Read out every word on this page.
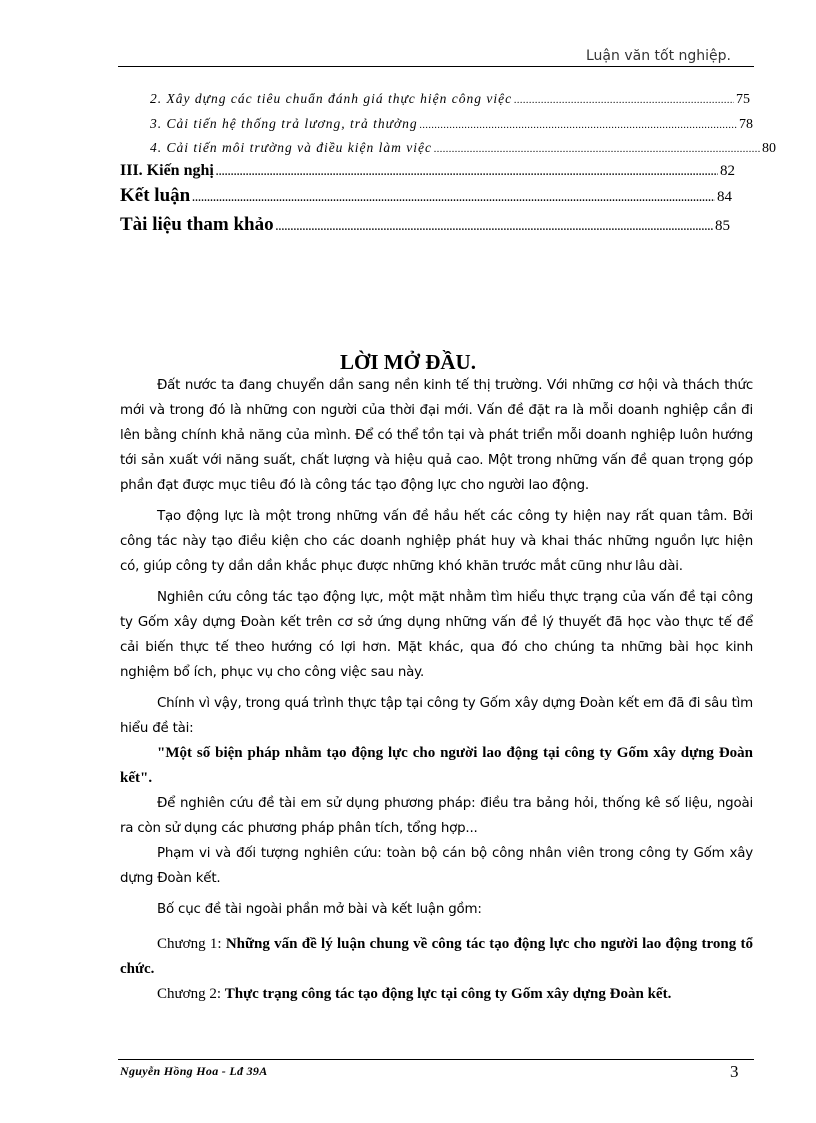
Luận văn tốt nghiệp.
2. Xây dựng các tiêu chuẩn đánh giá thực hiện công việc .....	75
3. Cải tiến hệ thống trả lương, trả thưởng .....	78
4. Cải tiến môi trường và điều kiện làm việc .....	80
III. Kiến nghị .....	82
Kết luận .....	84
Tài liệu tham khảo .....	85
LỜI MỞ ĐẦU.

Đất nước ta đang chuyển dần sang nền kinh tế thị trường. Với những cơ hội và thách thức mới và trong đó là những con người của thời đại mới. Vấn đề đặt ra là mỗi doanh nghiệp cần đi lên bằng chính khả năng của mình. Để có thể tồn tại và phát triển mỗi doanh nghiệp luôn hướng tới sản xuất với năng suất, chất lượng và hiệu quả cao. Một trong những vấn đề quan trọng góp phần đạt được mục tiêu đó là công tác tạo động lực cho người lao động.

Tạo động lực là một trong những vấn đề hầu hết các công ty hiện nay rất quan tâm. Bởi công tác này tạo điều kiện cho các doanh nghiệp phát huy và khai thác những nguồn lực hiện có, giúp công ty dần dần khắc phục được những khó khăn trước mắt cũng như lâu dài.

Nghiên cứu công tác tạo động lực, một mặt nhằm tìm hiểu thực trạng của vấn đề tại công ty Gốm xây dựng Đoàn kết trên cơ sở ứng dụng những vấn đề lý thuyết đã học vào thực tế để cải biến thực tế theo hướng có lợi hơn. Mặt khác, qua đó cho chúng ta những bài học kinh nghiệm bổ ích, phục vụ cho công việc sau này.

Chính vì vậy, trong quá trình thực tập tại công ty Gốm xây dựng Đoàn kết em đã đi sâu tìm hiểu đề tài:

"Một số biện pháp nhằm tạo động lực cho người lao động tại công ty Gốm xây dựng Đoàn kết".

Để nghiên cứu đề tài em sử dụng phương pháp: điều tra bảng hỏi, thống kê số liệu, ngoài ra còn sử dụng các phương pháp phân tích, tổng hợp...

Phạm vi và đối tượng nghiên cứu: toàn bộ cán bộ công nhân viên trong công ty Gốm xây dựng Đoàn kết.

Bố cục đề tài ngoài phần mở bài và kết luận gồm:

Chương 1: Những vấn đề lý luận chung về công tác tạo động lực cho người lao động trong tổ chức.

Chương 2: Thực trạng công tác tạo động lực tại công ty Gốm xây dựng Đoàn kết.

Nguyễn Hồng Hoa - Lđ 39A	3
